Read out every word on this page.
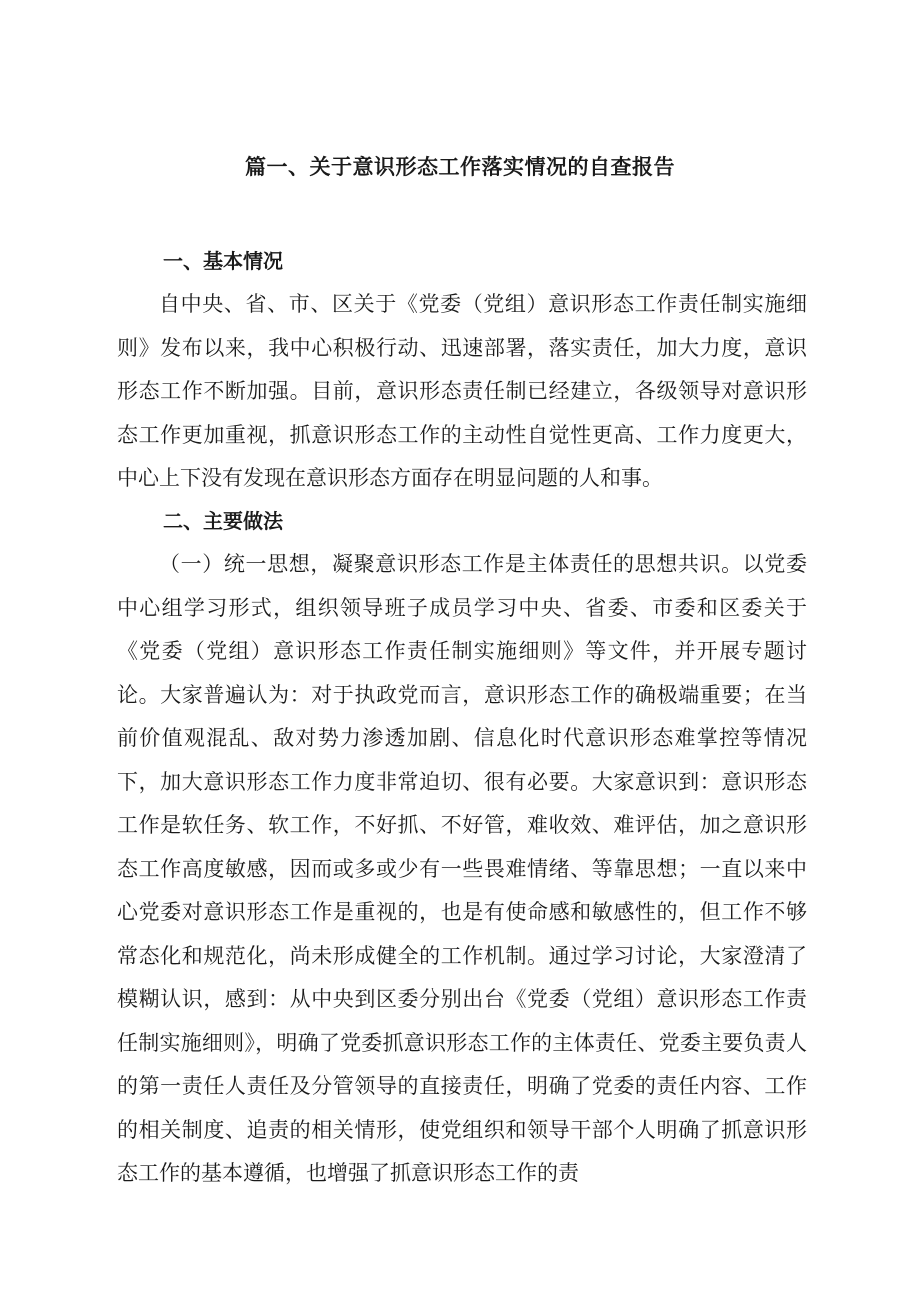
篇一、关于意识形态工作落实情况的自查报告
一、基本情况

自中央、省、市、区关于《党委（党组）意识形态工作责任制实施细则》发布以来，我中心积极行动、迅速部署，落实责任，加大力度，意识形态工作不断加强。目前，意识形态责任制已经建立，各级领导对意识形态工作更加重视，抓意识形态工作的主动性自觉性更高、工作力度更大，中心上下没有发现在意识形态方面存在明显问题的人和事。

二、主要做法

（一）统一思想，凝聚意识形态工作是主体责任的思想共识。以党委中心组学习形式，组织领导班子成员学习中央、省委、市委和区委关于《党委（党组）意识形态工作责任制实施细则》等文件，并开展专题讨论。大家普遍认为：对于执政党而言，意识形态工作的确极端重要；在当前价值观混乱、敌对势力渗透加剧、信息化时代意识形态难掌控等情况下，加大意识形态工作力度非常迫切、很有必要。大家意识到：意识形态工作是软任务、软工作，不好抓、不好管，难收效、难评估，加之意识形态工作高度敏感，因而或多或少有一些畏难情绪、等靠思想；一直以来中心党委对意识形态工作是重视的，也是有使命感和敏感性的，但工作不够常态化和规范化，尚未形成健全的工作机制。通过学习讨论，大家澄清了模糊认识，感到：从中央到区委分别出台《党委（党组）意识形态工作责任制实施细则》，明确了党委抓意识形态工作的主体责任、党委主要负责人的第一责任人责任及分管领导的直接责任，明确了党委的责任内容、工作的相关制度、追责的相关情形，使党组织和领导干部个人明确了抓意识形态工作的基本遵循，也增强了抓意识形态工作的责
